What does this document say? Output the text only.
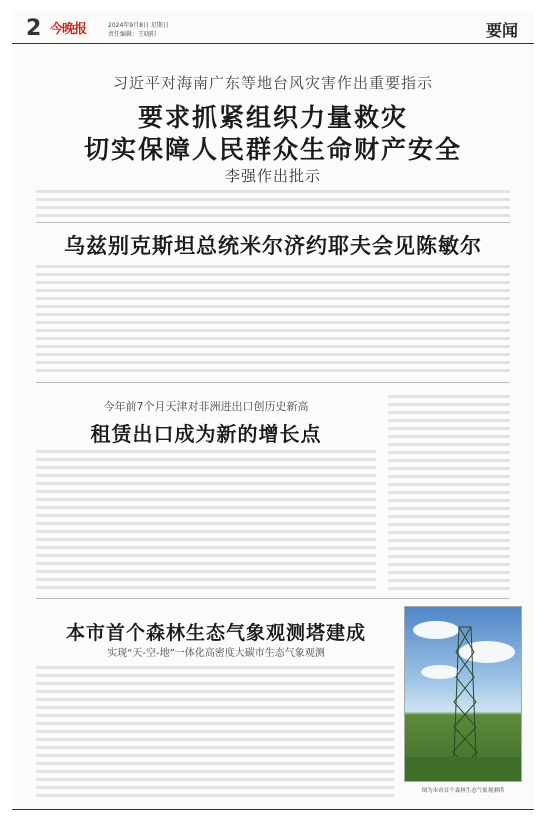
2 今晚报	2024年9月8日 星期日
责任编辑：王晓阳	要闻
习近平对海南广东等地台风灾害作出重要指示
要求抓紧组织力量救灾
切实保障人民群众生命财产安全
李强作出批示
乌兹别克斯坦总统米尔济约耶夫会见陈敏尔
今年前7个月天津对非洲进出口创历史新高
租赁出口成为新的增长点
本市首个森林生态气象观测塔建成
实现“天-空-地”一体化高密度大碳市生态气象观测
图为本市首个森林生态气象观测塔
